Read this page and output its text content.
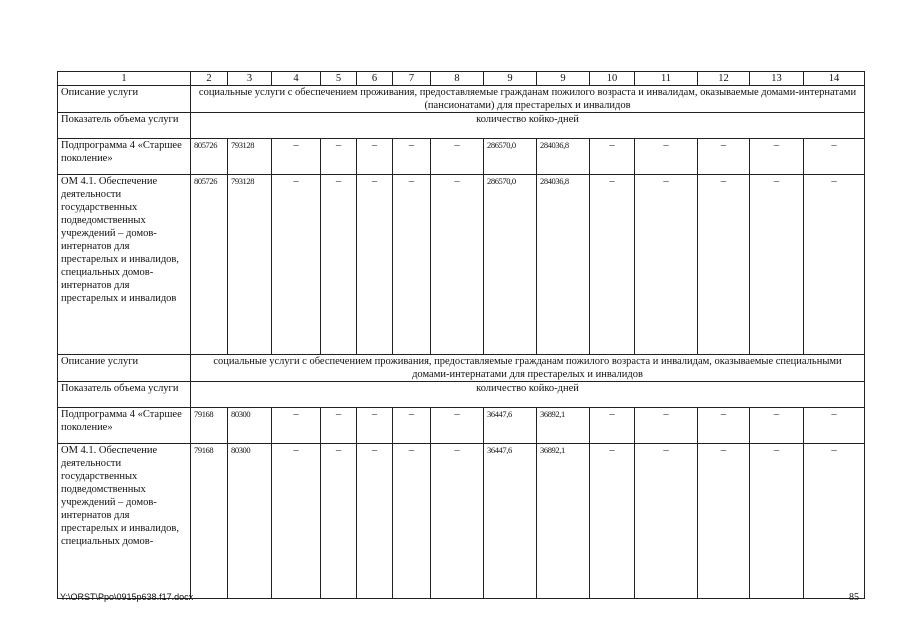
1	2	3	4	5	6	7	8	9	9	10	11	12	13	14
Описание услуги	социальные услуги с обеспечением проживания, предоставляемые гражданам пожилого возраста и инвалидам, оказываемые домами-интернатами (пансионатами) для престарелых и инвалидов													
Показатель объема услуги	количество койко-дней													
Подпрограмма 4 «Старшее поколение»	805726	793128	–	–	–	–	–	286570,0	284036,8	–	–	–	–	–
ОМ 4.1. Обеспечение деятельности государственных подведомственных учреждений – домов-интернатов для престарелых и инвалидов, специальных домов-интернатов для престарелых и инвалидов	805726	793128	–	–	–	–	–	286570,0	284036,8	–	–	–	–	–
Описание услуги	социальные услуги с обеспечением проживания, предоставляемые гражданам пожилого возраста и инвалидам, оказываемые специальными домами-интернатами для престарелых и инвалидов													
Показатель объема услуги	количество койко-дней													
Подпрограмма 4 «Старшее поколение»	79168	80300	–	–	–	–	–	36447,6	36892,1	–	–	–	–	–
ОМ 4.1. Обеспечение деятельности государственных подведомственных учреждений – домов-интернатов для престарелых и инвалидов, специальных домов-	79168	80300	–	–	–	–	–	36447,6	36892,1	–	–	–	–	–
Y:\ORST\Ppo\0915p638.f17.docx	85
